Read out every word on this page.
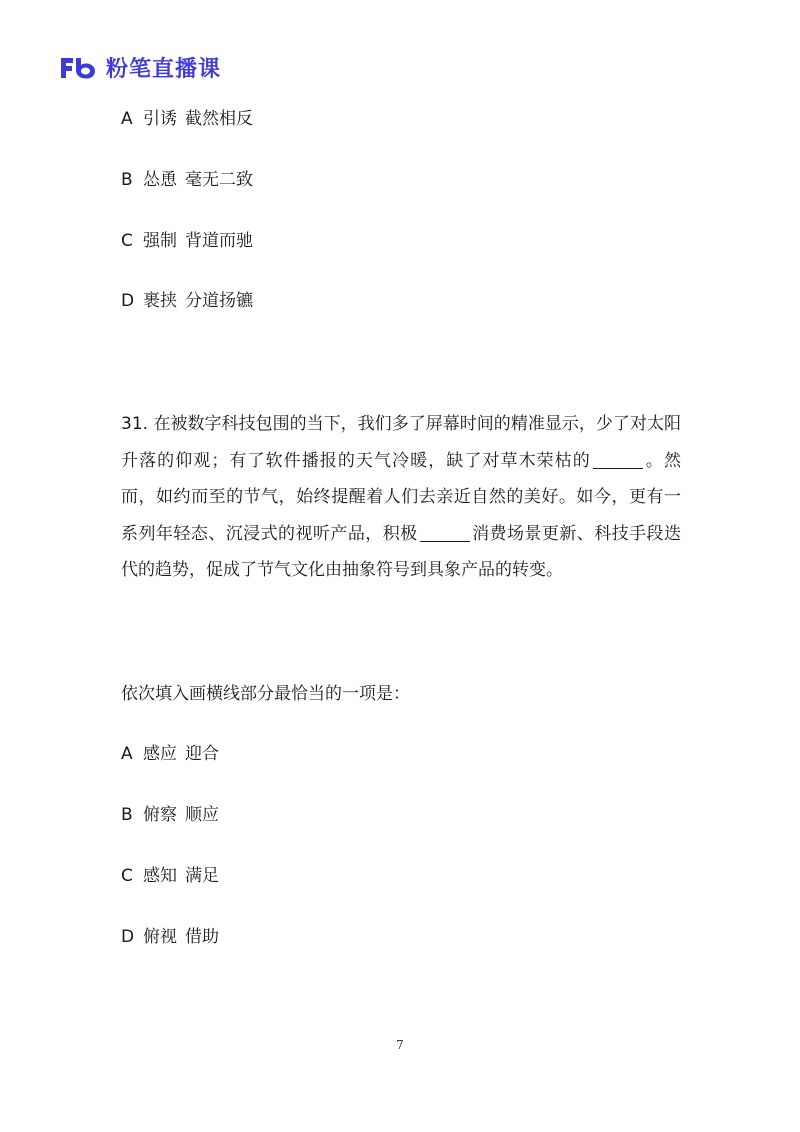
粉笔直播课
A 引诱 截然相反
B 怂恿 毫无二致
C 强制 背道而驰
D 裹挟 分道扬镳
31. 在被数字科技包围的当下，我们多了屏幕时间的精准显示，少了对太阳升落的仰观；有了软件播报的天气冷暖，缺了对草木荣枯的	。然而，如约而至的节气，始终提醒着人们去亲近自然的美好。如今，更有一系列年轻态、沉浸式的视听产品，积极	消费场景更新、科技手段迭代的趋势，促成了节气文化由抽象符号到具象产品的转变。
依次填入画横线部分最恰当的一项是：
A 感应 迎合
B 俯察 顺应
C 感知 满足
D 俯视 借助
7
